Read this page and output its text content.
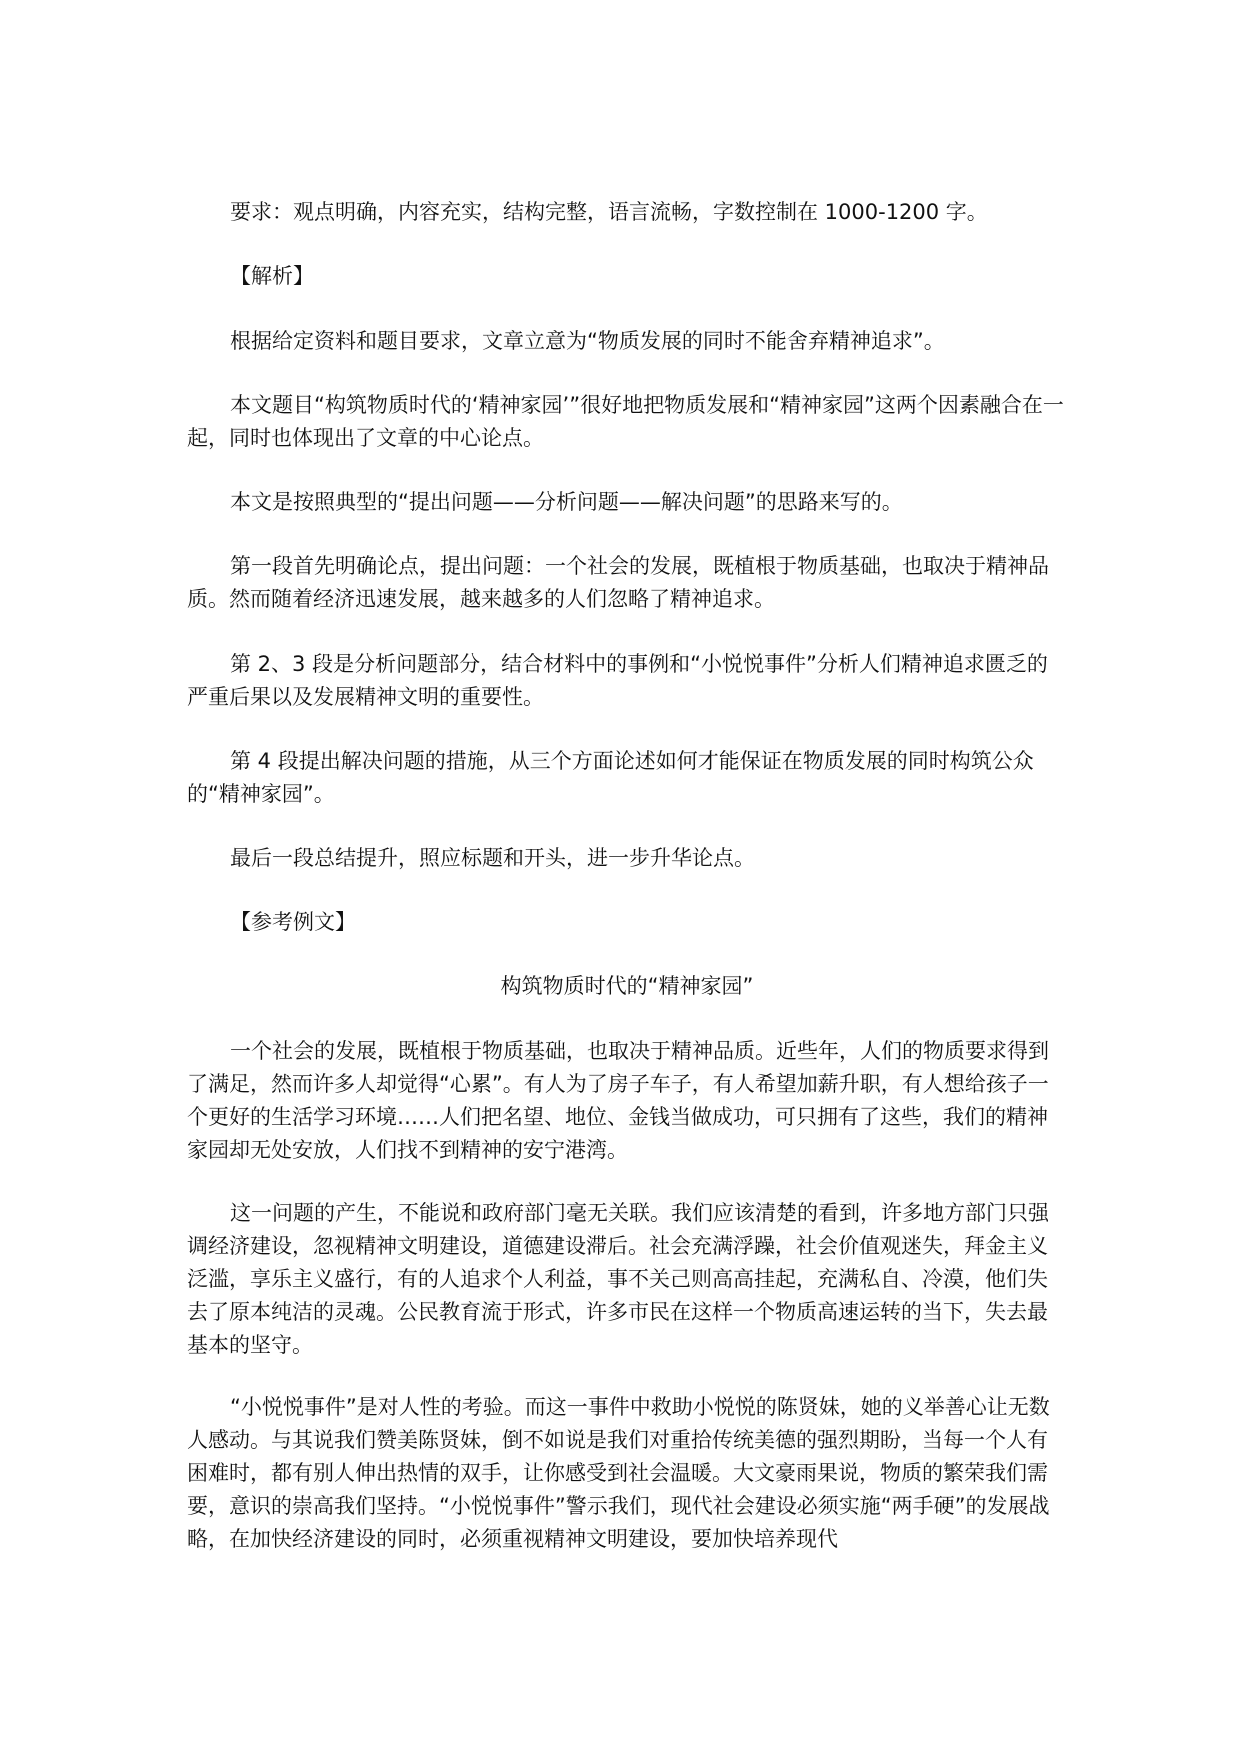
要求：观点明确，内容充实，结构完整，语言流畅，字数控制在 1000-1200 字。

【解析】

根据给定资料和题目要求，文章立意为“物质发展的同时不能舍弃精神追求”。

本文题目“构筑物质时代的‘精神家园’”很好地把物质发展和“精神家园”这两个因素融合在一起，同时也体现出了文章的中心论点。

本文是按照典型的“提出问题——分析问题——解决问题”的思路来写的。

第一段首先明确论点，提出问题：一个社会的发展，既植根于物质基础，也取决于精神品质。然而随着经济迅速发展，越来越多的人们忽略了精神追求。

第 2、3 段是分析问题部分，结合材料中的事例和“小悦悦事件”分析人们精神追求匮乏的严重后果以及发展精神文明的重要性。

第 4 段提出解决问题的措施，从三个方面论述如何才能保证在物质发展的同时构筑公众的“精神家园”。

最后一段总结提升，照应标题和开头，进一步升华论点。

【参考例文】

构筑物质时代的“精神家园”

一个社会的发展，既植根于物质基础，也取决于精神品质。近些年，人们的物质要求得到了满足，然而许多人却觉得“心累”。有人为了房子车子，有人希望加薪升职，有人想给孩子一个更好的生活学习环境……人们把名望、地位、金钱当做成功，可只拥有了这些，我们的精神家园却无处安放，人们找不到精神的安宁港湾。

这一问题的产生，不能说和政府部门毫无关联。我们应该清楚的看到，许多地方部门只强调经济建设，忽视精神文明建设，道德建设滞后。社会充满浮躁，社会价值观迷失，拜金主义泛滥，享乐主义盛行，有的人追求个人利益，事不关己则高高挂起，充满私自、冷漠，他们失去了原本纯洁的灵魂。公民教育流于形式，许多市民在这样一个物质高速运转的当下，失去最基本的坚守。

“小悦悦事件”是对人性的考验。而这一事件中救助小悦悦的陈贤妹，她的义举善心让无数人感动。与其说我们赞美陈贤妹，倒不如说是我们对重拾传统美德的强烈期盼，当每一个人有困难时，都有别人伸出热情的双手，让你感受到社会温暖。大文豪雨果说，物质的繁荣我们需要，意识的崇高我们坚持。“小悦悦事件”警示我们，现代社会建设必须实施“两手硬”的发展战略，在加快经济建设的同时，必须重视精神文明建设，要加快培养现代
